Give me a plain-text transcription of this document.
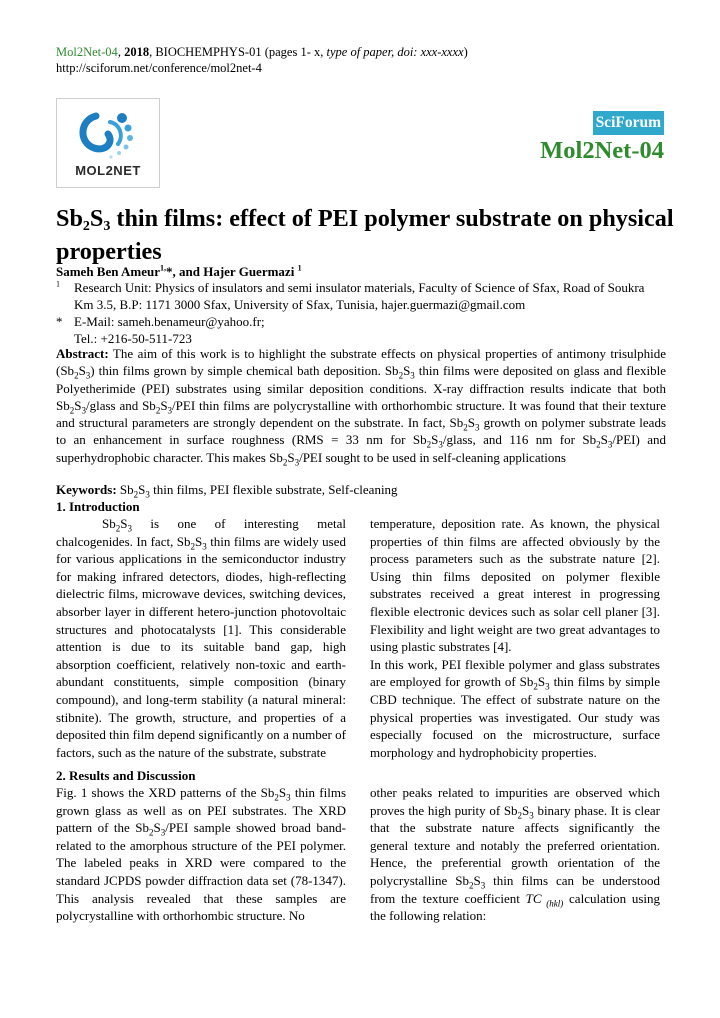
Mol2Net-04, 2018, BIOCHEMPHYS-01 (pages 1- x, type of paper, doi: xxx-xxxx)
http://sciforum.net/conference/mol2net-4
MOL2NET
SciForum
Mol2Net-04
Sb2S3 thin films: effect of PEI polymer substrate on physical properties
Sameh Ben Ameur$^{1,}$*, and Hajer Guermazi $^1$
$^1$	Research Unit: Physics of insulators and semi insulator materials, Faculty of Science of Sfax, Road of Soukra Km 3.5, B.P: 1171 3000 Sfax, University of Sfax, Tunisia, hajer.guermazi@gmail.com
* E-Mail: sameh.benameur@yahoo.fr;
Tel.: +216-50-511-723
Abstract: The aim of this work is to highlight the substrate effects on physical properties of antimony trisulphide $(Sb_2S_3)$ thin films grown by simple chemical bath deposition. $Sb_2S_3$ thin films were deposited on glass and flexible Polyetherimide (PEI) substrates using similar deposition conditions. X-ray diffraction results indicate that both $Sb_2S_3$/glass and $Sb_2S_3$/PEI thin films are polycrystalline with orthorhombic structure. It was found that their texture and structural parameters are strongly dependent on the substrate. In fact, $Sb_2S_3$ growth on polymer substrate leads to an enhancement in surface roughness (RMS = 33 nm for $Sb_2S_3$/glass, and 116 nm for $Sb_2S_3/PEI$) and superhydrophobic character. This makes $Sb_2S_3$/PEI sought to be used in self-cleaning applications
Keywords: $Sb_2S_3$ thin films, PEI flexible substrate, Self-cleaning
1. Introduction

$Sb_2S_3$ is one of interesting metal chalcogenides. In fact, $Sb_2S_3$ thin films are widely used for various applications in the semiconductor industry for making infrared detectors, diodes, high-reflecting dielectric films, microwave devices, switching devices, absorber layer in different hetero-junction photovoltaic structures and photocatalysts [1]. This considerable attention is due to its suitable band gap, high absorption coefficient, relatively non-toxic and earth-abundant constituents, simple composition (binary compound), and long-term stability (a natural mineral: stibnite). The growth, structure, and properties of a deposited thin film depend significantly on a number of factors, such as the nature of the substrate, substrate

temperature, deposition rate. As known, the physical properties of thin films are affected obviously by the process parameters such as the substrate nature [2]. Using thin films deposited on polymer flexible substrates received a great interest in progressing flexible electronic devices such as solar cell planer [3]. Flexibility and light weight are two great advantages to using plastic substrates [4].

In this work, PEI flexible polymer and glass substrates are employed for growth of $Sb_2S_3$ thin films by simple CBD technique. The effect of substrate nature on the physical properties was investigated. Our study was especially focused on the microstructure, surface morphology and hydrophobicity properties.

2. Results and Discussion

Fig. 1 shows the XRD patterns of the $Sb_2S_3$ thin films grown glass as well as on PEI substrates. The XRD pattern of the $Sb_2S_3$/PEI sample showed broad band-related to the amorphous structure of the PEI polymer. The labeled peaks in XRD were compared to the standard JCPDS powder diffraction data set (78-1347). This analysis revealed that these samples are polycrystalline with orthorhombic structure. No

other peaks related to impurities are observed which proves the high purity of $Sb_2S_3$ binary phase. It is clear that the substrate nature affects significantly the general texture and notably the preferred orientation. Hence, the preferential growth orientation of the polycrystalline $Sb_2S_3$ thin films can be understood from the texture coefficient TC $_{(hkl)}$ calculation using the following relation:
